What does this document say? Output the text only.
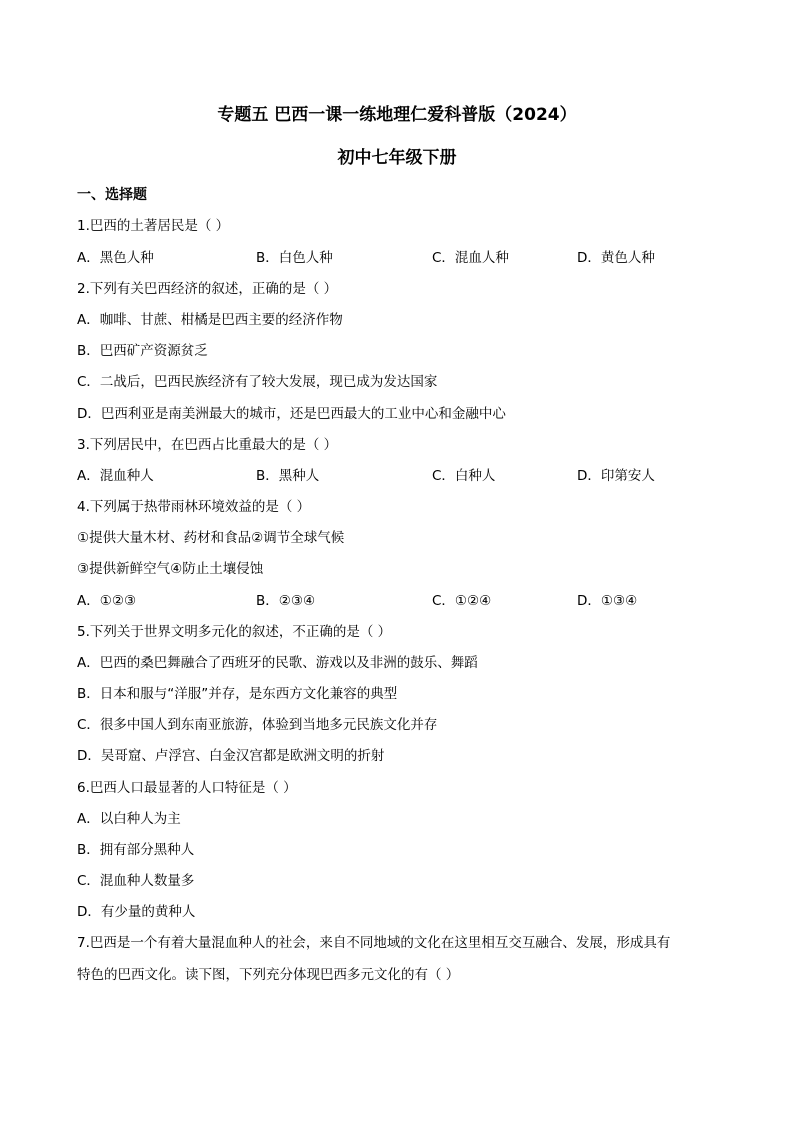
专题五 巴西一课一练地理仁爱科普版（2024）
初中七年级下册
一、选择题
1.巴西的土著居民是（ ）
A．黑色人种	B．白色人种	C．混血人种	D．黄色人种
2.下列有关巴西经济的叙述，正确的是（ ）
A．咖啡、甘蔗、柑橘是巴西主要的经济作物
B．巴西矿产资源贫乏
C．二战后，巴西民族经济有了较大发展，现已成为发达国家
D．巴西利亚是南美洲最大的城市，还是巴西最大的工业中心和金融中心
3.下列居民中，在巴西占比重最大的是（ ）
A．混血种人	B．黑种人	C．白种人	D．印第安人
4.下列属于热带雨林环境效益的是（ ）
①提供大量木材、药材和食品②调节全球气候
③提供新鲜空气④防止土壤侵蚀
A．①②③	B．②③④	C．①②④	D．①③④
5.下列关于世界文明多元化的叙述，不正确的是（ ）
A．巴西的桑巴舞融合了西班牙的民歌、游戏以及非洲的鼓乐、舞蹈
B．日本和服与“洋服”并存，是东西方文化兼容的典型
C．很多中国人到东南亚旅游，体验到当地多元民族文化并存
D．吴哥窟、卢浮宫、白金汉宫都是欧洲文明的折射
6.巴西人口最显著的人口特征是（ ）
A．以白种人为主
B．拥有部分黑种人
C．混血种人数量多
D．有少量的黄种人
7.巴西是一个有着大量混血种人的社会，来自不同地域的文化在这里相互交互融合、发展，形成具有
特色的巴西文化。读下图，下列充分体现巴西多元文化的有（ ）
